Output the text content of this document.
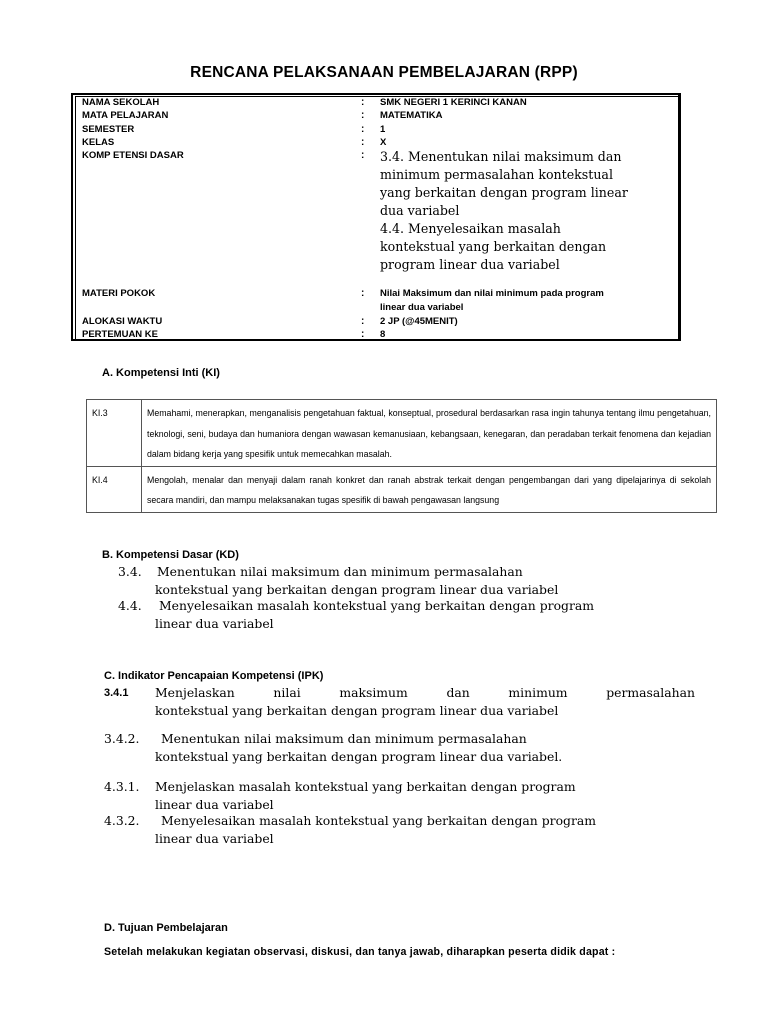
RENCANA PELAKSANAAN PEMBELAJARAN (RPP)
NAMA SEKOLAH	: SMK NEGERI 1 KERINCI KANAN
MATA PELAJARAN	: MATEMATIKA
SEMESTER	: 1
KELAS	: X
KOMP ETENSI DASAR	: 3.4. Menentukan nilai maksimum dan
minimum permasalahan kontekstual
yang berkaitan dengan program linear
dua variabel
4.4. Menyelesaikan masalah
kontekstual yang berkaitan dengan
program linear dua variabel
MATERI POKOK	: Nilai Maksimum dan nilai minimum pada program
linear dua variabel
ALOKASI WAKTU	: 2 JP (@45MENIT)
PERTEMUAN KE	: 8
A. Kompetensi Inti (KI)
KI.3	Memahami, menerapkan, menganalisis pengetahuan faktual, konseptual, prosedural berdasarkan rasa ingin tahunya tentang ilmu pengetahuan, teknologi, seni, budaya dan humaniora dengan wawasan kemanusiaan, kebangsaan, kenegaran, dan peradaban terkait fenomena dan kejadian dalam bidang kerja yang spesifik untuk memecahkan masalah.
KI.4	Mengolah, menalar dan menyaji dalam ranah konkret dan ranah abstrak terkait dengan pengembangan dari yang dipelajarinya di sekolah secara mandiri, dan mampu melaksanakan tugas spesifik di bawah pengawasan langsung
B. Kompetensi Dasar (KD)
3.4. Menentukan nilai maksimum dan minimum permasalahan
kontekstual yang berkaitan dengan program linear dua variabel
4.4. Menyelesaikan masalah kontekstual yang berkaitan dengan program
linear dua variabel
C. Indikator Pencapaian Kompetensi (IPK)
3.4.1 Menjelaskan	nilai	maksimum	dan	minimum	permasalahan
kontekstual yang berkaitan dengan program linear dua variabel
3.4.2. Menentukan nilai maksimum dan minimum permasalahan
kontekstual yang berkaitan dengan program linear dua variabel.
4.3.1. Menjelaskan masalah kontekstual yang berkaitan dengan program
linear dua variabel
4.3.2. Menyelesaikan masalah kontekstual yang berkaitan dengan program
linear dua variabel
D. Tujuan Pembelajaran
Setelah melakukan kegiatan observasi, diskusi, dan tanya jawab, diharapkan peserta didik dapat :
